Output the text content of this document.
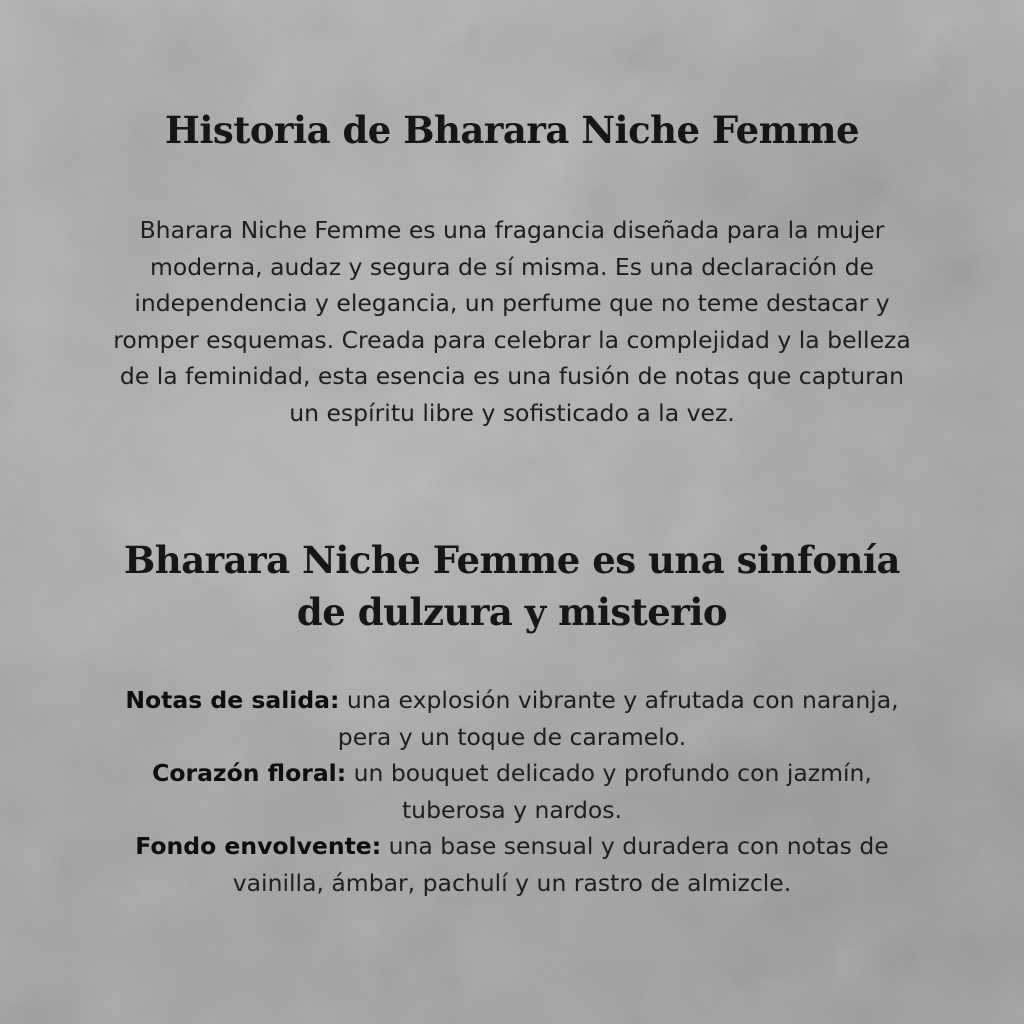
Historia de Bharara Niche Femme

Bharara Niche Femme es una fragancia diseñada para la mujer
moderna, audaz y segura de sí misma. Es una declaración de
independencia y elegancia, un perfume que no teme destacar y
romper esquemas. Creada para celebrar la complejidad y la belleza
de la feminidad, esta esencia es una fusión de notas que capturan
un espíritu libre y sofisticado a la vez.

Bharara Niche Femme es una sinfonía
de dulzura y misterio
Notas de salida: una explosión vibrante y afrutada con naranja,
pera y un toque de caramelo.
Corazón floral: un bouquet delicado y profundo con jazmín,
tuberosa y nardos.
Fondo envolvente: una base sensual y duradera con notas de
vainilla, ámbar, pachulí y un rastro de almizcle.
